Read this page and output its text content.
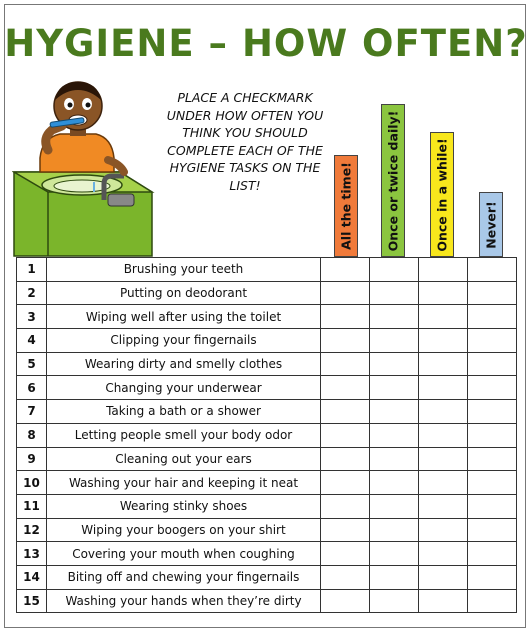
HYGIENE – HOW OFTEN?
PLACE A CHECKMARK UNDER HOW OFTEN YOU THINK YOU SHOULD COMPLETE EACH OF THE HYGIENE TASKS ON THE LIST!	All the time!	Once or twice daily!	Once in a while!	Never!
1	Brushing your teeth				
2	Putting on deodorant				
3	Wiping well after using the toilet				
4	Clipping your fingernails				
5	Wearing dirty and smelly clothes				
6	Changing your underwear				
7	Taking a bath or a shower				
8	Letting people smell your body odor				
9	Cleaning out your ears				
10	Washing your hair and keeping it neat				
11	Wearing stinky shoes				
12	Wiping your boogers on your shirt				
13	Covering your mouth when coughing				
14	Biting off and chewing your fingernails				
15	Washing your hands when they’re dirty				
